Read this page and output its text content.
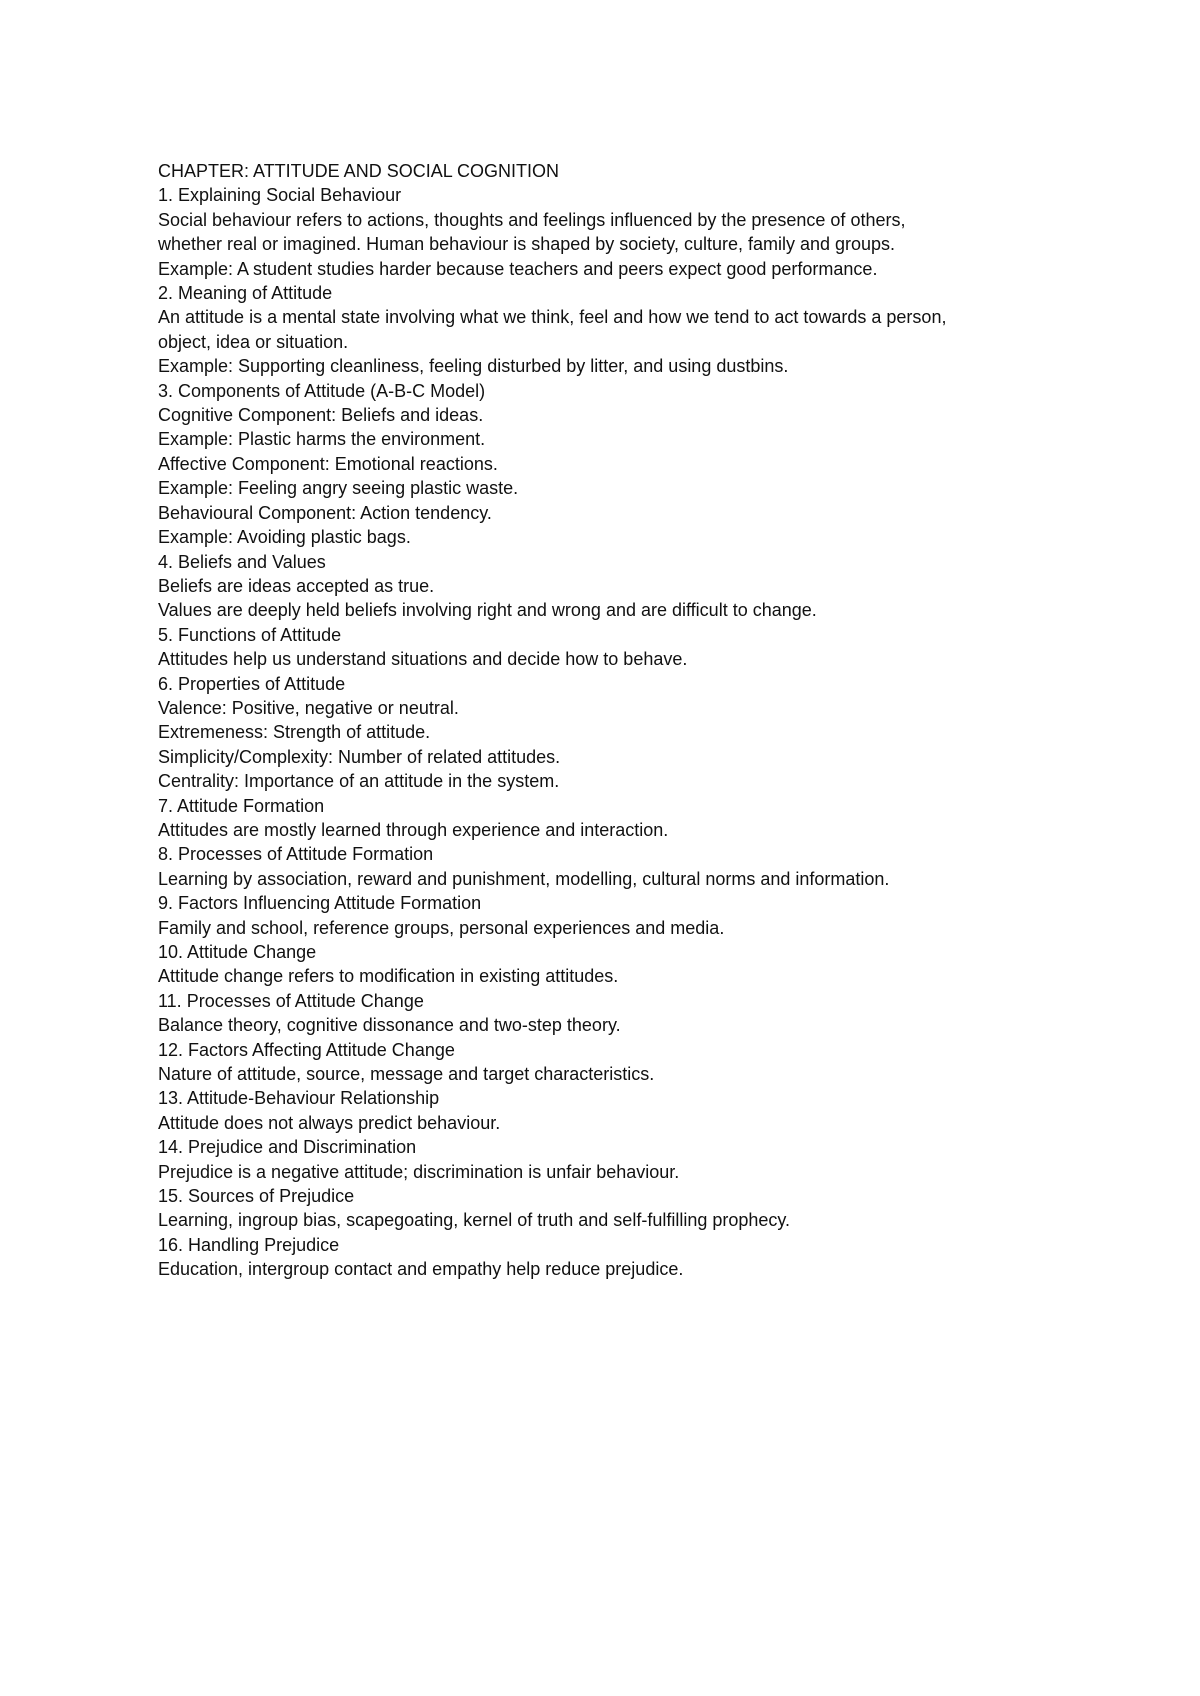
CHAPTER: ATTITUDE AND SOCIAL COGNITION
1. Explaining Social Behaviour
Social behaviour refers to actions, thoughts and feelings influenced by the presence of others,
whether real or imagined. Human behaviour is shaped by society, culture, family and groups.
Example: A student studies harder because teachers and peers expect good performance.
2. Meaning of Attitude
An attitude is a mental state involving what we think, feel and how we tend to act towards a person,
object, idea or situation.
Example: Supporting cleanliness, feeling disturbed by litter, and using dustbins.
3. Components of Attitude (A-B-C Model)
Cognitive Component: Beliefs and ideas.
Example: Plastic harms the environment.
Affective Component: Emotional reactions.
Example: Feeling angry seeing plastic waste.
Behavioural Component: Action tendency.
Example: Avoiding plastic bags.
4. Beliefs and Values
Beliefs are ideas accepted as true.
Values are deeply held beliefs involving right and wrong and are difficult to change.
5. Functions of Attitude
Attitudes help us understand situations and decide how to behave.
6. Properties of Attitude
Valence: Positive, negative or neutral.
Extremeness: Strength of attitude.
Simplicity/Complexity: Number of related attitudes.
Centrality: Importance of an attitude in the system.
7. Attitude Formation
Attitudes are mostly learned through experience and interaction.
8. Processes of Attitude Formation
Learning by association, reward and punishment, modelling, cultural norms and information.
9. Factors Influencing Attitude Formation
Family and school, reference groups, personal experiences and media.
10. Attitude Change
Attitude change refers to modification in existing attitudes.
11. Processes of Attitude Change
Balance theory, cognitive dissonance and two-step theory.
12. Factors Affecting Attitude Change
Nature of attitude, source, message and target characteristics.
13. Attitude-Behaviour Relationship
Attitude does not always predict behaviour.
14. Prejudice and Discrimination
Prejudice is a negative attitude; discrimination is unfair behaviour.
15. Sources of Prejudice
Learning, ingroup bias, scapegoating, kernel of truth and self-fulfilling prophecy.
16. Handling Prejudice
Education, intergroup contact and empathy help reduce prejudice.
